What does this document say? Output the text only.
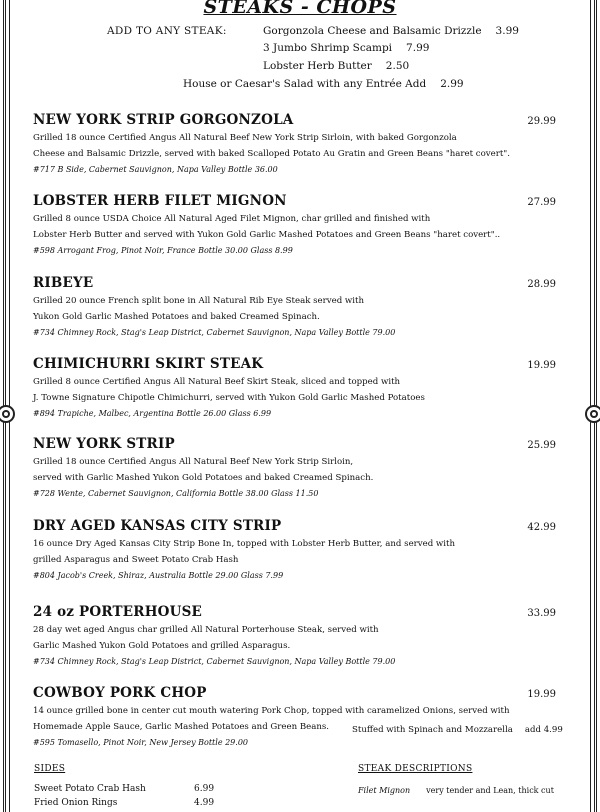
STEAKS - CHOPS
ADD TO ANY STEAK:	Gorgonzola Cheese and Balsamic Drizzle 3.99
3 Jumbo Shrimp Scampi 7.99
Lobster Herb Butter 2.50
House or Caesar's Salad with any Entrée Add 2.99
NEW YORK STRIP GORGONZOLA	29.99
Grilled 18 ounce Certified Angus All Natural Beef New York Strip Sirloin, with baked Gorgonzola
Cheese and Balsamic Drizzle, served with baked Scalloped Potato Au Gratin and Green Beans "haret covert".
#717 B Side, Cabernet Sauvignon, Napa Valley Bottle 36.00
LOBSTER HERB FILET MIGNON	27.99
Grilled 8 ounce USDA Choice All Natural Aged Filet Mignon, char grilled and finished with
Lobster Herb Butter and served with Yukon Gold Garlic Mashed Potatoes and Green Beans "haret covert"..
#598 Arrogant Frog, Pinot Noir, France Bottle 30.00 Glass 8.99
RIBEYE	28.99
Grilled 20 ounce French split bone in All Natural Rib Eye Steak served with
Yukon Gold Garlic Mashed Potatoes and baked Creamed Spinach.
#734 Chimney Rock, Stag's Leap District, Cabernet Sauvignon, Napa Valley Bottle 79.00
CHIMICHURRI SKIRT STEAK	19.99
Grilled 8 ounce Certified Angus All Natural Beef Skirt Steak, sliced and topped with
J. Towne Signature Chipotle Chimichurri, served with Yukon Gold Garlic Mashed Potatoes
#894 Trapiche, Malbec, Argentina Bottle 26.00 Glass 6.99
NEW YORK STRIP	25.99
Grilled 18 ounce Certified Angus All Natural Beef New York Strip Sirloin,
served with Garlic Mashed Yukon Gold Potatoes and baked Creamed Spinach.
#728 Wente, Cabernet Sauvignon, California Bottle 38.00 Glass 11.50
DRY AGED KANSAS CITY STRIP	42.99
16 ounce Dry Aged Kansas City Strip Bone In, topped with Lobster Herb Butter, and served with
grilled Asparagus and Sweet Potato Crab Hash
#804 Jacob's Creek, Shiraz, Australia Bottle 29.00 Glass 7.99
24 oz PORTERHOUSE	33.99
28 day wet aged Angus char grilled All Natural Porterhouse Steak, served with
Garlic Mashed Yukon Gold Potatoes and grilled Asparagus.
#734 Chimney Rock, Stag's Leap District, Cabernet Sauvignon, Napa Valley Bottle 79.00
COWBOY PORK CHOP	19.99
14 ounce grilled bone in center cut mouth watering Pork Chop, topped with caramelized Onions, served with
Homemade Apple Sauce, Garlic Mashed Potatoes and Green Beans.
#595 Tomasello, Pinot Noir, New Jersey Bottle 29.00
Stuffed with Spinach and Mozzarella add 4.99
SIDES
Sweet Potato Crab Hash	6.99
Fried Onion Rings	4.99
STEAK DESCRIPTIONS
Filet Mignon very tender and Lean, thick cut
